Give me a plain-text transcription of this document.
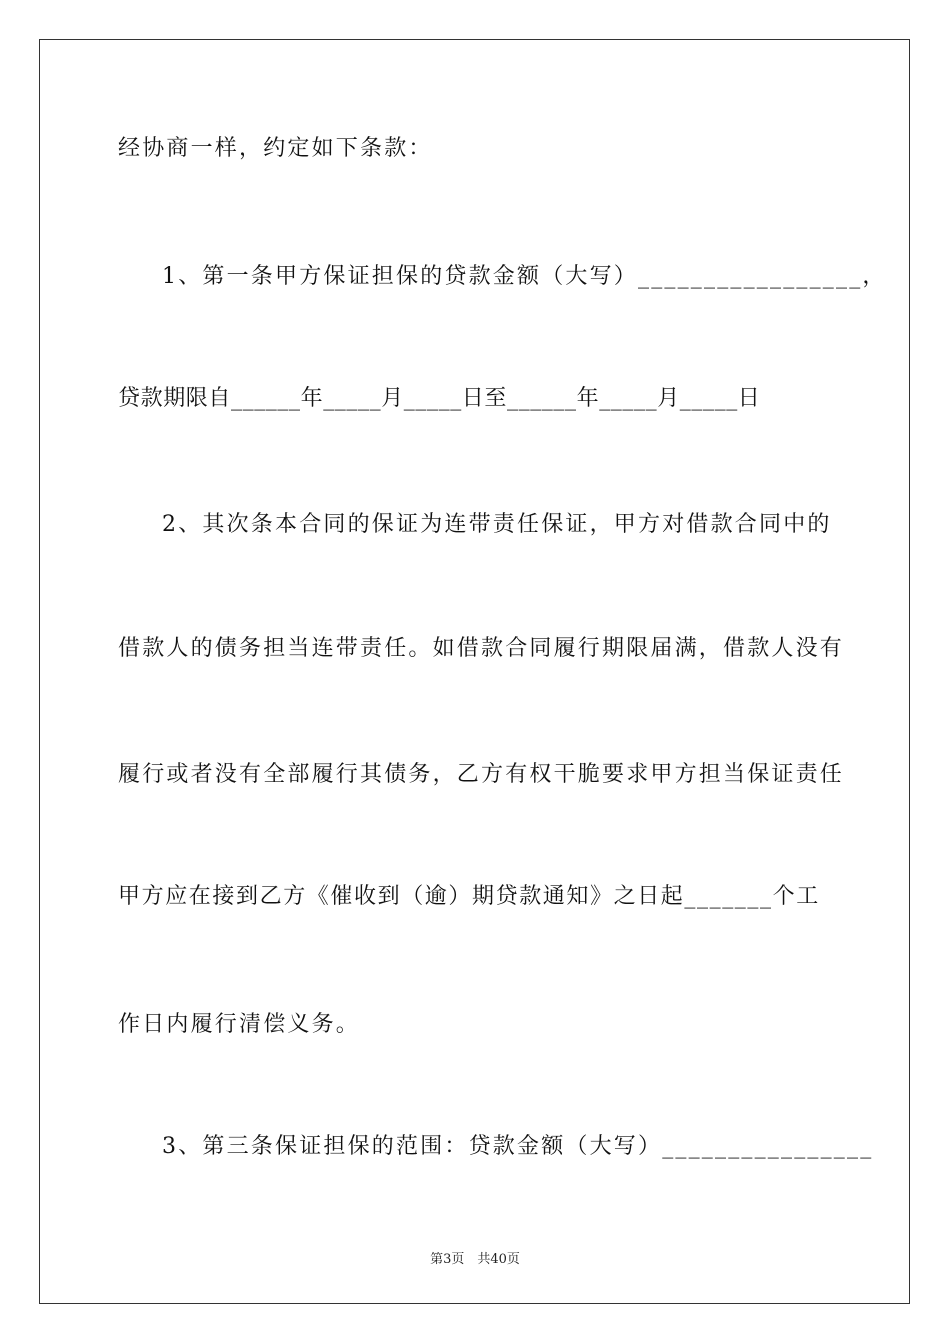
经协商一样，约定如下条款：
1、第一条甲方保证担保的贷款金额（大写）_________________，
贷款期限自______年_____月_____日至______年_____月_____日
2、其次条本合同的保证为连带责任保证，甲方对借款合同中的
借款人的债务担当连带责任。如借款合同履行期限届满，借款人没有
履行或者没有全部履行其债务，乙方有权干脆要求甲方担当保证责任
甲方应在接到乙方《催收到（逾）期贷款通知》之日起_______个工
作日内履行清偿义务。
3、第三条保证担保的范围：贷款金额（大写）________________
第3页　共40页
